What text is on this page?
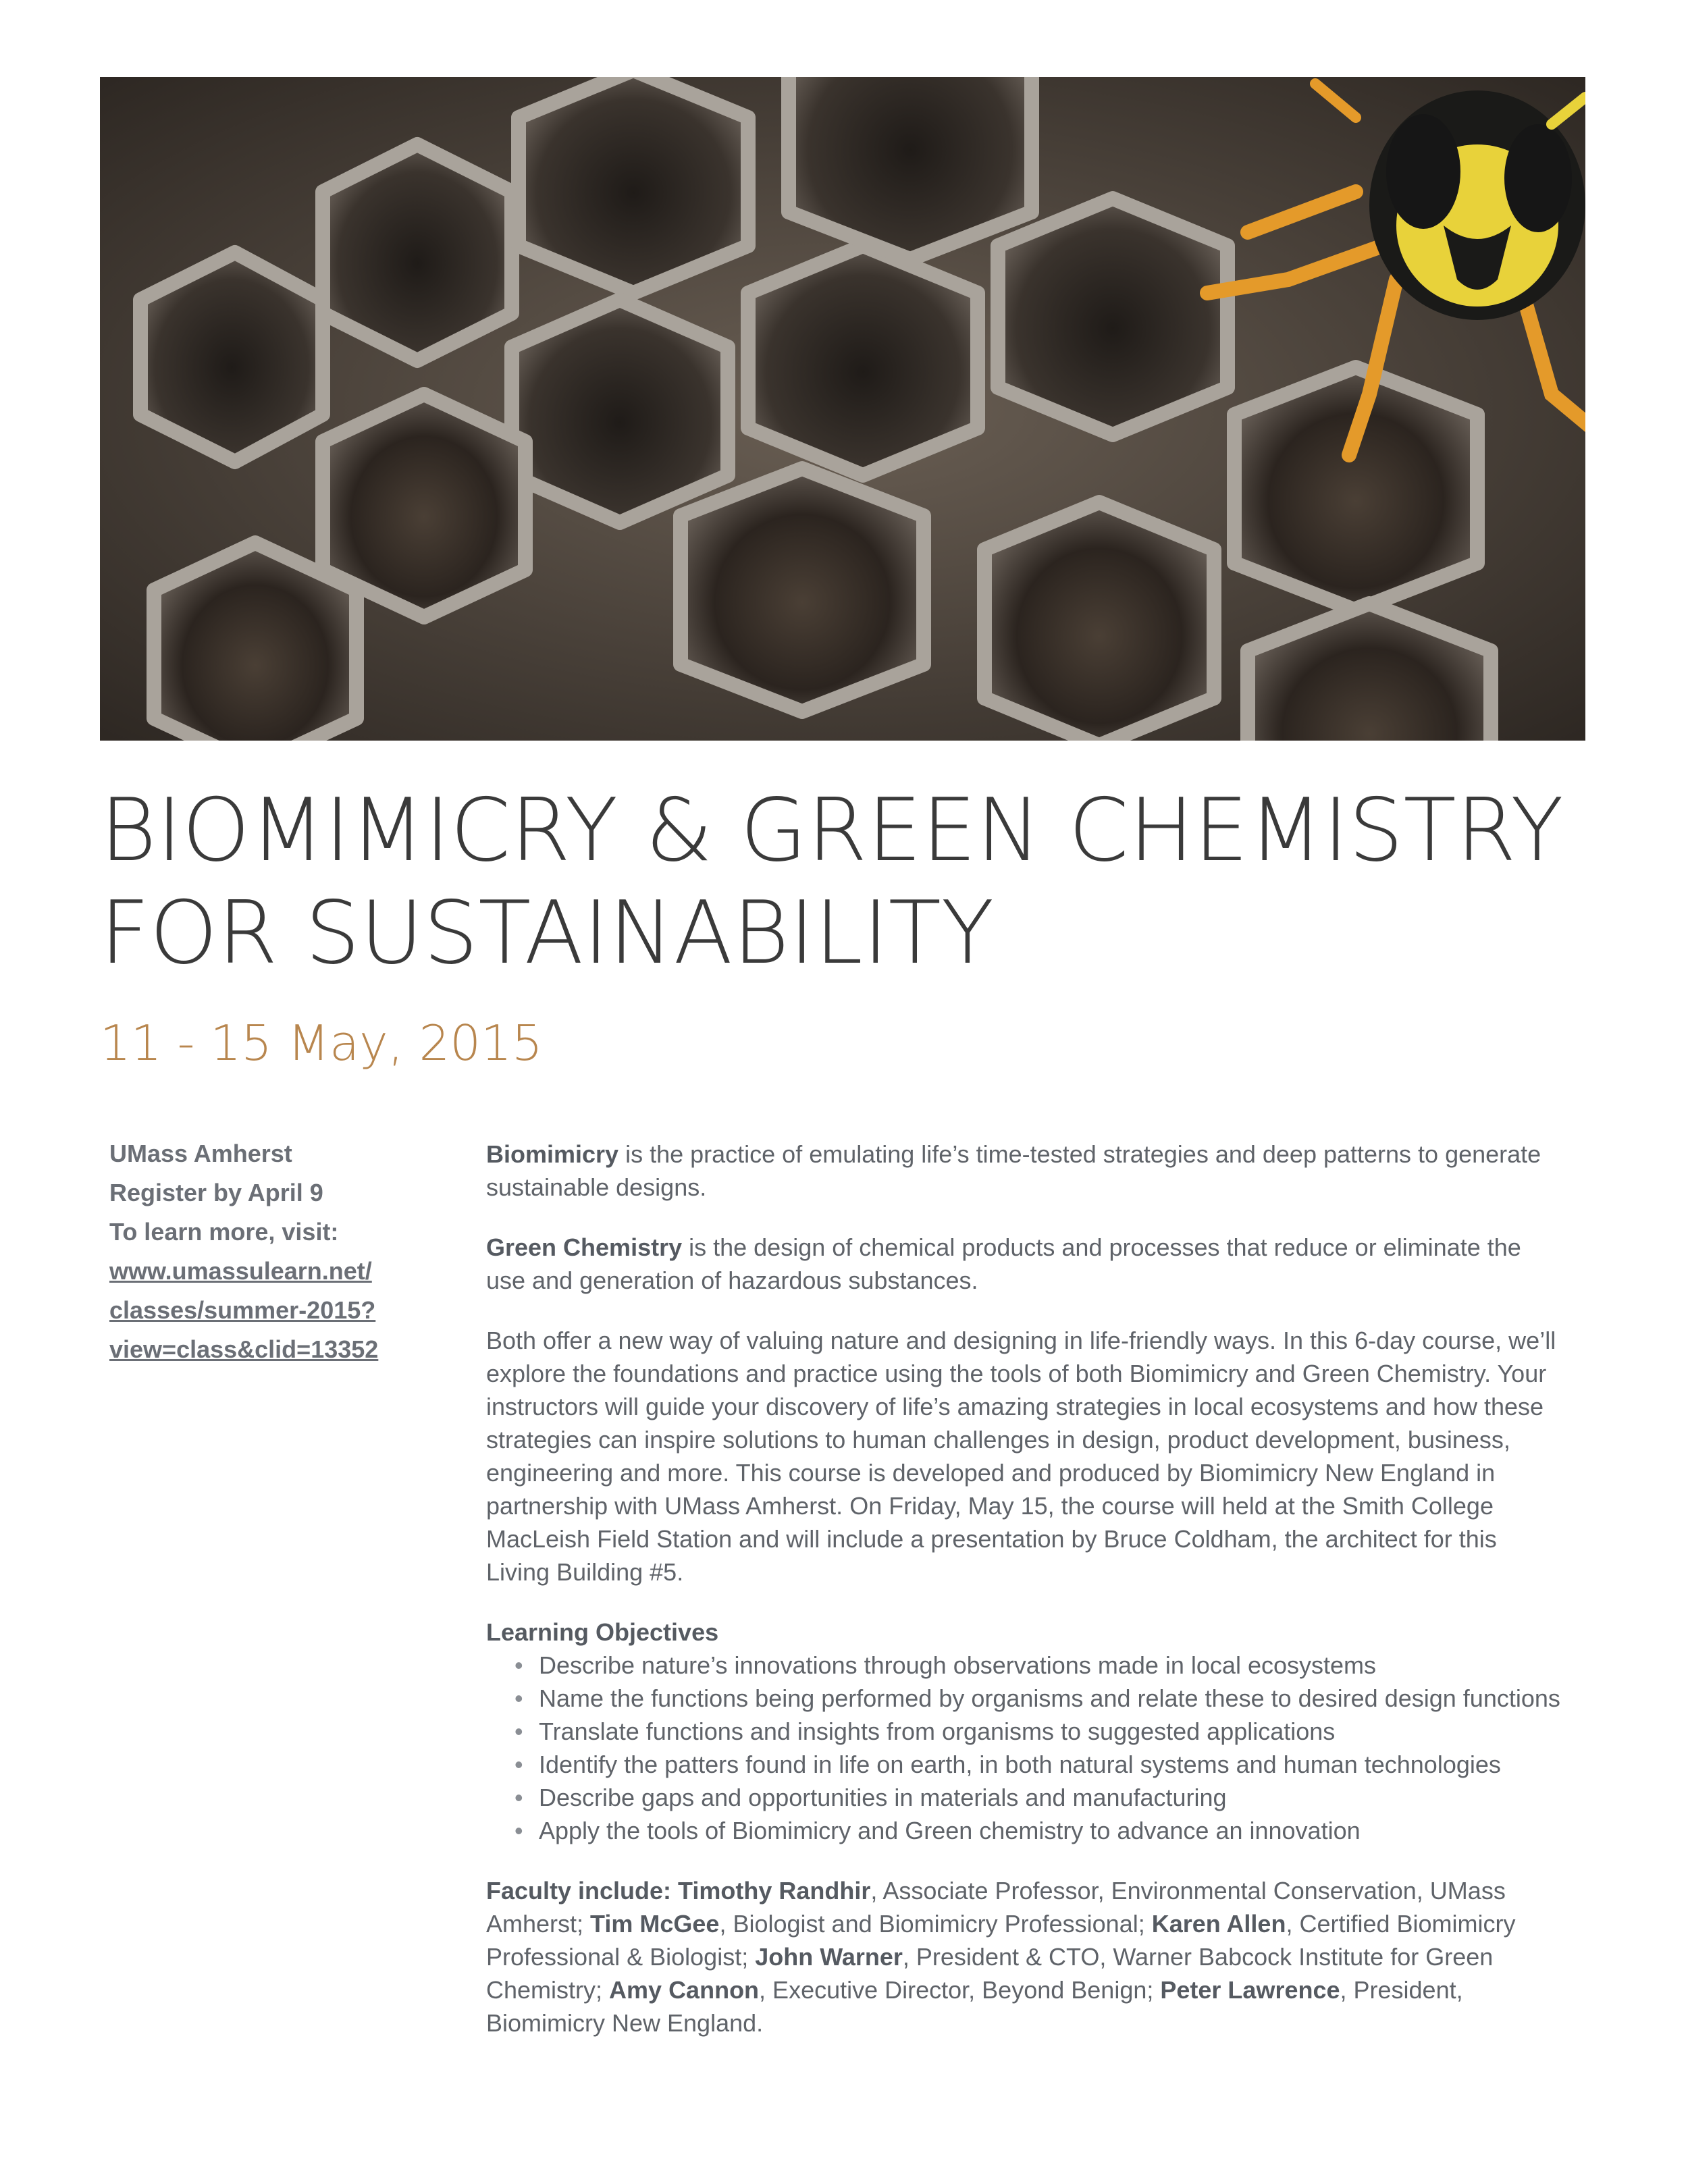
BIOMIMICRY & GREEN CHEMISTRY
FOR SUSTAINABILITY
11 - 15 May, 2015
UMass Amherst
Register by April 9
To learn more, visit:
www.umassulearn.net/
classes/summer-2015?
view=class&clid=13352

Biomimicry is the practice of emulating life’s time-tested strategies and deep patterns to generate sustainable designs.

Green Chemistry is the design of chemical products and processes that reduce or eliminate the use and generation of hazardous substances.

Both offer a new way of valuing nature and designing in life-friendly ways. In this 6-day course, we’ll explore the foundations and practice using the tools of both Biomimicry and Green Chemistry. Your instructors will guide your discovery of life’s amazing strategies in local ecosystems and how these strategies can inspire solutions to human challenges in design, product development, business, engineering and more. This course is developed and produced by Biomimicry New England in partnership with UMass Amherst. On Friday, May 15, the course will held at the Smith College MacLeish Field Station and will include a presentation by Bruce Coldham, the architect for this Living Building #5.

Learning Objectives
• Describe nature’s innovations through observations made in local ecosystems
• Name the functions being performed by organisms and relate these to desired design functions
• Translate functions and insights from organisms to suggested applications
• Identify the patters found in life on earth, in both natural systems and human technologies
• Describe gaps and opportunities in materials and manufacturing
• Apply the tools of Biomimicry and Green chemistry to advance an innovation

Faculty include: Timothy Randhir, Associate Professor, Environmental Conservation, UMass Amherst; Tim McGee, Biologist and Biomimicry Professional; Karen Allen, Certified Biomimicry Professional & Biologist; John Warner, President & CTO, Warner Babcock Institute for Green Chemistry; Amy Cannon, Executive Director, Beyond Benign; Peter Lawrence, President, Biomimicry New England.
